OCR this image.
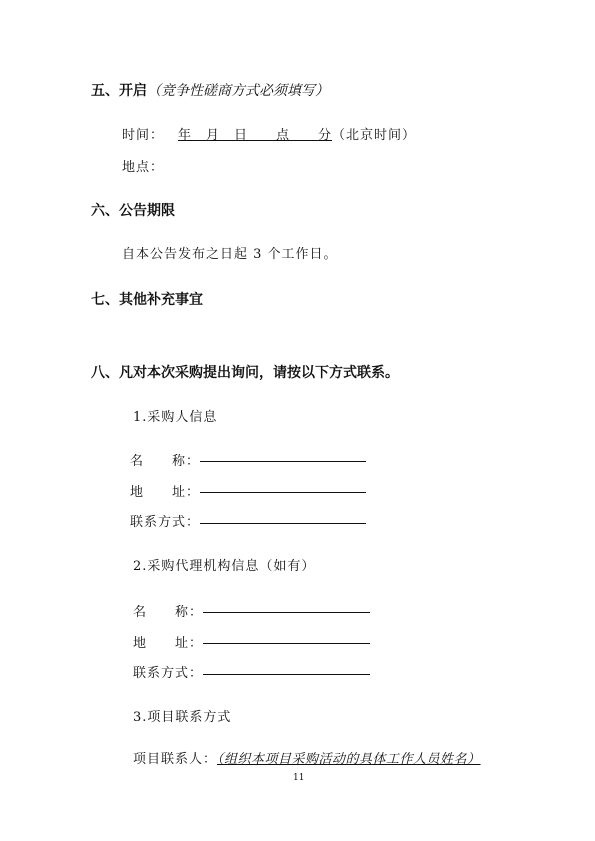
五、开启（竞争性磋商方式必须填写）
时间： 年　月　日　　点　　分（北京时间）
地点：
六、公告期限
自本公告发布之日起 3 个工作日。
七、其他补充事宜
八、凡对本次采购提出询问，请按以下方式联系。
1.采购人信息
名　　称：
地　　址：
联系方式：
2.采购代理机构信息（如有）
名　　称：
地　　址：
联系方式：
3.项目联系方式
项目联系人：（组织本项目采购活动的具体工作人员姓名）
11
